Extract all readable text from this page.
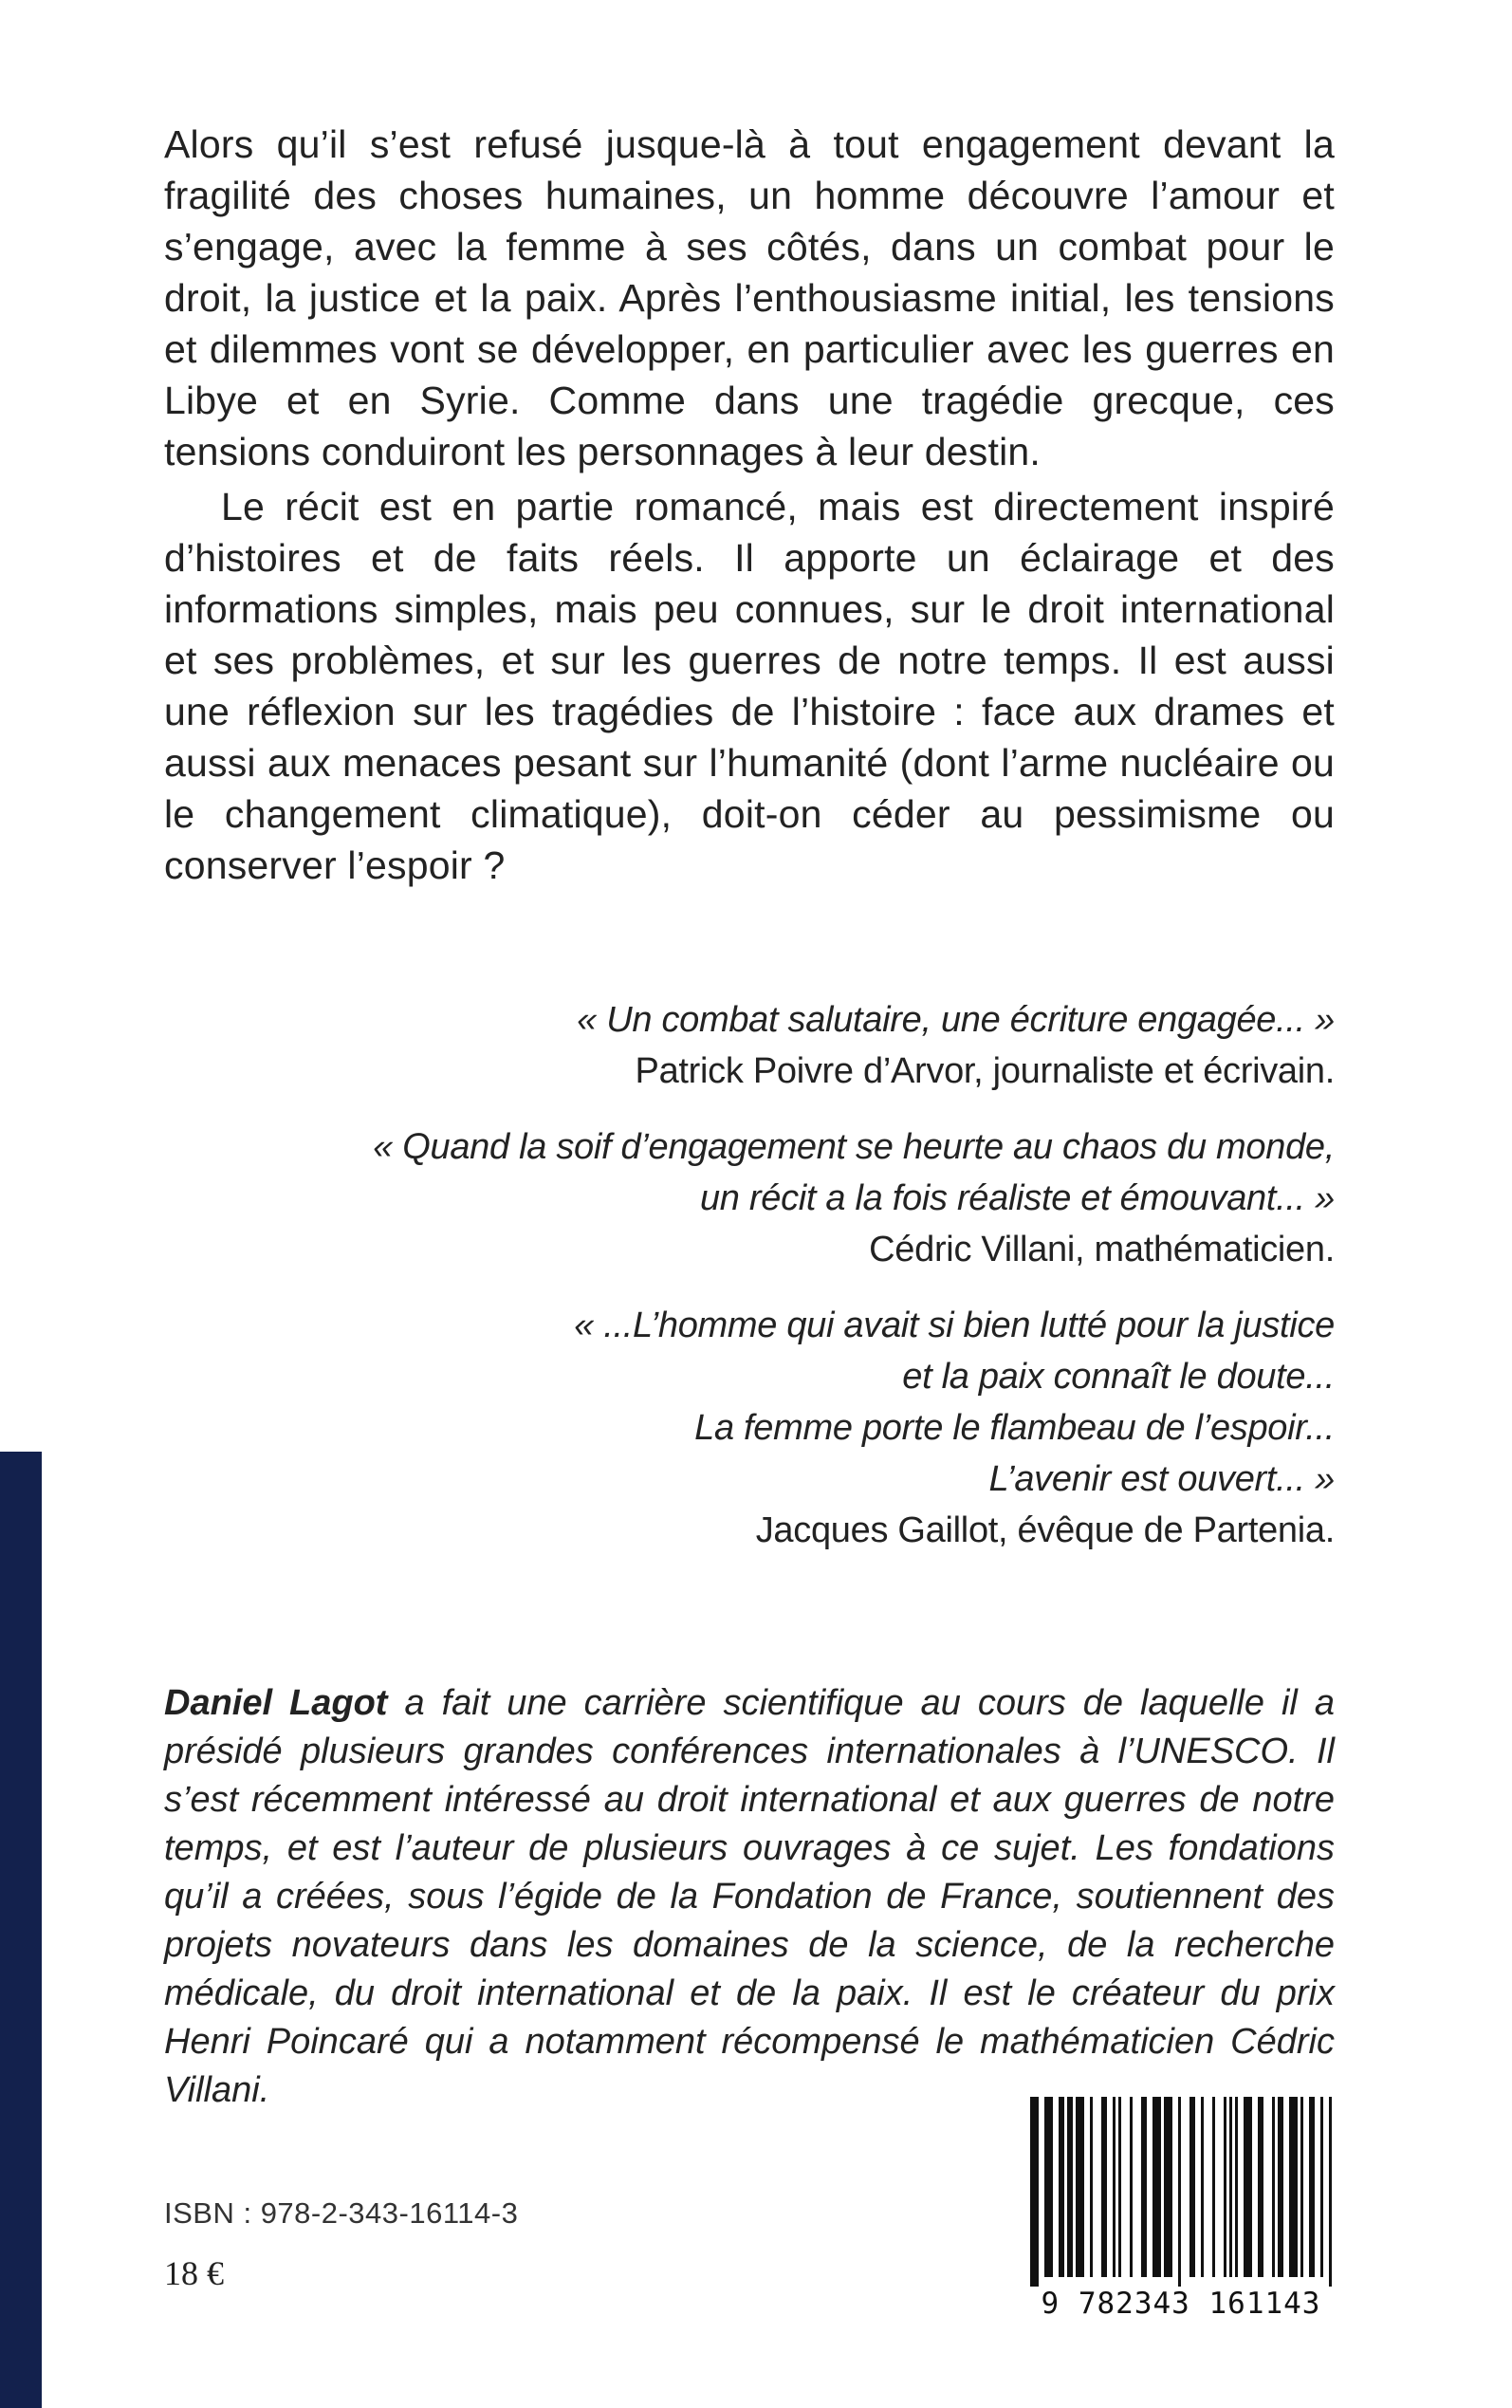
Alors qu’il s’est refusé jusque-là à tout engagement devant la fragilité des choses humaines, un homme découvre l’amour et s’engage, avec la femme à ses côtés, dans un combat pour le droit, la justice et la paix. Après l’enthousiasme initial, les tensions et dilemmes vont se développer, en particulier avec les guerres en Libye et en Syrie. Comme dans une tragédie grecque, ces tensions conduiront les personnages à leur destin.

Le récit est en partie romancé, mais est directement inspiré d’histoires et de faits réels. Il apporte un éclairage et des informations simples, mais peu connues, sur le droit international et ses problèmes, et sur les guerres de notre temps. Il est aussi une réflexion sur les tragédies de l’histoire : face aux drames et aussi aux menaces pesant sur l’humanité (dont l’arme nucléaire ou le changement climatique), doit-on céder au pessimisme ou conserver l’espoir ?

« Un combat salutaire, une écriture engagée... »
Patrick Poivre d’Arvor, journaliste et écrivain.
« Quand la soif d’engagement se heurte au chaos du monde,
un récit a la fois réaliste et émouvant... »
Cédric Villani, mathématicien.
« ...L’homme qui avait si bien lutté pour la justice
et la paix connaît le doute...
La femme porte le flambeau de l’espoir...
L’avenir est ouvert... »
Jacques Gaillot, évêque de Partenia.

Daniel Lagot a fait une carrière scientifique au cours de laquelle il a présidé plusieurs grandes conférences internationales à l’UNESCO. Il s’est récemment intéressé au droit international et aux guerres de notre temps, et est l’auteur de plusieurs ouvrages à ce sujet. Les fondations qu’il a créées, sous l’égide de la Fondation de France, soutiennent des projets novateurs dans les domaines de la science, de la recherche médicale, du droit international et de la paix. Il est le créateur du prix Henri Poincaré qui a notamment récompensé le mathématicien Cédric Villani.

ISBN : 978-2-343-16114-3
18 €
9 782343 161143
